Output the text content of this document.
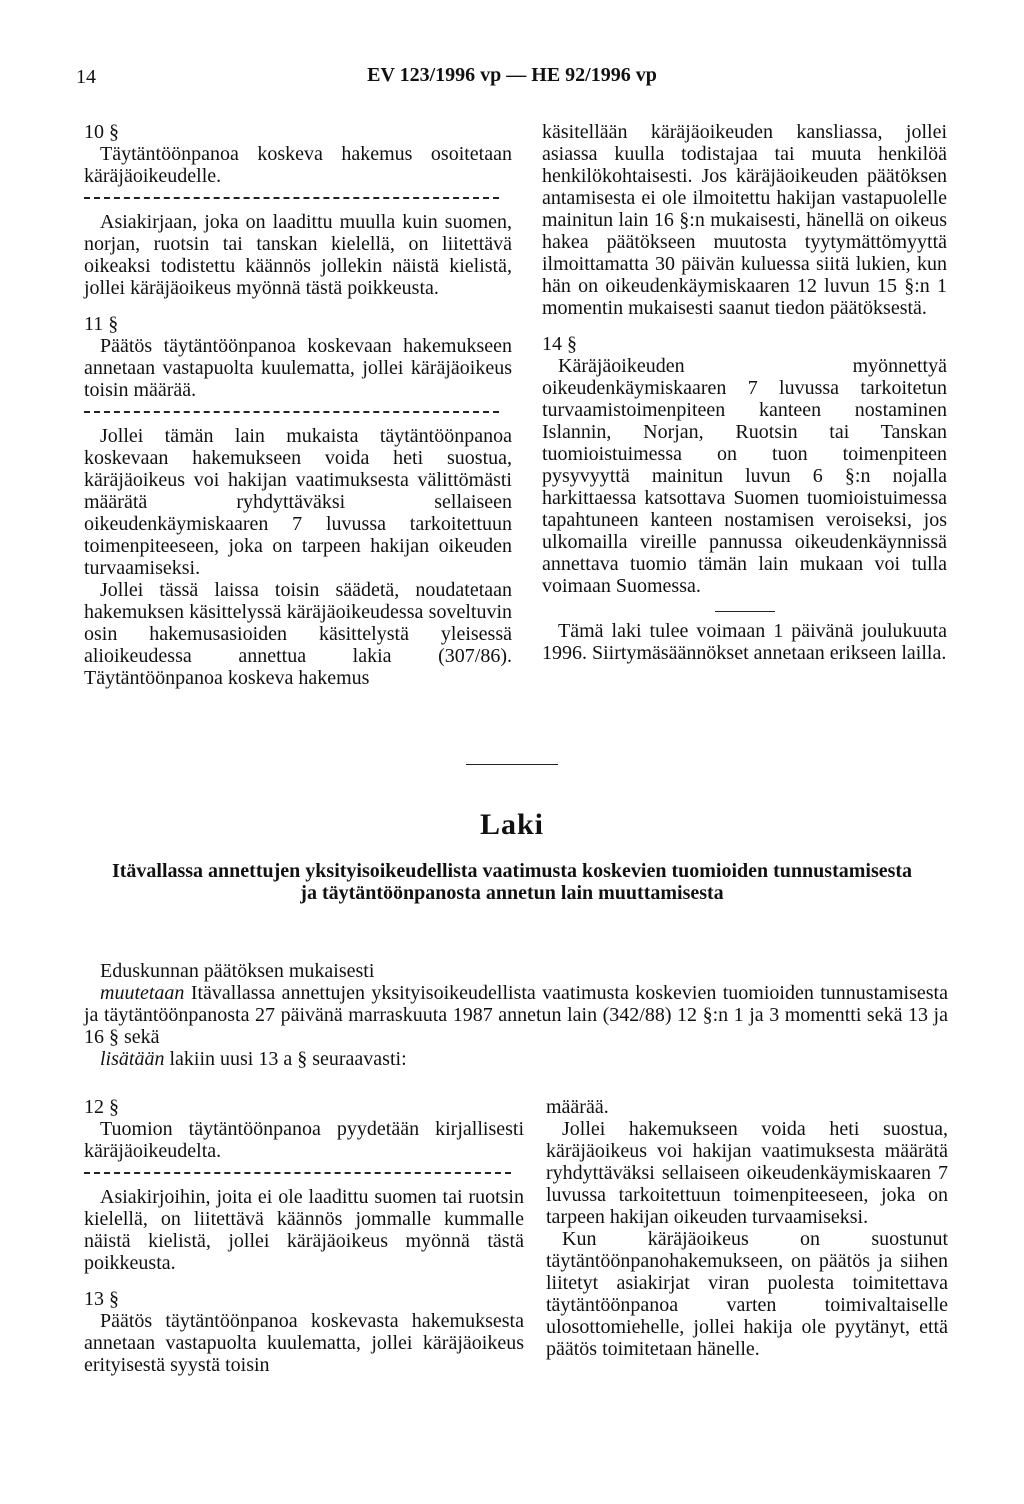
14	EV 123/1996 vp — HE 92/1996 vp

10 §

Täytäntöönpanoa koskeva hakemus osoitetaan käräjäoikeudelle.

Asiakirjaan, joka on laadittu muulla kuin suomen, norjan, ruotsin tai tanskan kielellä, on liitettävä oikeaksi todistettu käännös jollekin näistä kielistä, jollei käräjäoikeus myönnä tästä poikkeusta.

11 §

Päätös täytäntöönpanoa koskevaan hakemukseen annetaan vastapuolta kuulematta, jollei käräjäoikeus toisin määrää.

Jollei tämän lain mukaista täytäntöönpanoa koskevaan hakemukseen voida heti suostua, käräjäoikeus voi hakijan vaatimuksesta välittömästi määrätä ryhdyttäväksi sellaiseen oikeudenkäymiskaaren 7 luvussa tarkoitettuun toimenpiteeseen, joka on tarpeen hakijan oikeuden turvaamiseksi.

Jollei tässä laissa toisin säädetä, noudatetaan hakemuksen käsittelyssä käräjäoikeudessa soveltuvin osin hakemusasioiden käsittelystä yleisessä alioikeudessa annettua lakia (307/86). Täytäntöönpanoa koskeva hakemus

käsitellään käräjäoikeuden kansliassa, jollei asiassa kuulla todistajaa tai muuta henkilöä henkilökohtaisesti. Jos käräjäoikeuden päätöksen antamisesta ei ole ilmoitettu hakijan vastapuolelle mainitun lain 16 §:n mukaisesti, hänellä on oikeus hakea päätökseen muutosta tyytymättömyyttä ilmoittamatta 30 päivän kuluessa siitä lukien, kun hän on oikeudenkäymiskaaren 12 luvun 15 §:n 1 momentin mukaisesti saanut tiedon päätöksestä.

14 §

Käräjäoikeuden myönnettyä oikeudenkäymiskaaren 7 luvussa tarkoitetun turvaamistoimenpiteen kanteen nostaminen Islannin, Norjan, Ruotsin tai Tanskan tuomioistuimessa on tuon toimenpiteen pysyvyyttä mainitun luvun 6 §:n nojalla harkittaessa katsottava Suomen tuomioistuimessa tapahtuneen kanteen nostamisen veroiseksi, jos ulkomailla vireille pannussa oikeudenkäynnissä annettava tuomio tämän lain mukaan voi tulla voimaan Suomessa.

Tämä laki tulee voimaan 1 päivänä joulukuuta 1996. Siirtymäsäännökset annetaan erikseen lailla.

Laki
Itävallassa annettujen yksityisoikeudellista vaatimusta koskevien tuomioiden tunnustamisesta
ja täytäntöönpanosta annetun lain muuttamisesta

Eduskunnan päätöksen mukaisesti

muutetaan Itävallassa annettujen yksityisoikeudellista vaatimusta koskevien tuomioiden tunnustamisesta ja täytäntöönpanosta 27 päivänä marraskuuta 1987 annetun lain (342/88) 12 §:n 1 ja 3 momentti sekä 13 ja 16 § sekä

lisätään lakiin uusi 13 a § seuraavasti:

12 §

Tuomion täytäntöönpanoa pyydetään kirjallisesti käräjäoikeudelta.

Asiakirjoihin, joita ei ole laadittu suomen tai ruotsin kielellä, on liitettävä käännös jommalle kummalle näistä kielistä, jollei käräjäoikeus myönnä tästä poikkeusta.

13 §

Päätös täytäntöönpanoa koskevasta hakemuksesta annetaan vastapuolta kuulematta, jollei käräjäoikeus erityisestä syystä toisin

määrää.

Jollei hakemukseen voida heti suostua, käräjäoikeus voi hakijan vaatimuksesta määrätä ryhdyttäväksi sellaiseen oikeudenkäymiskaaren 7 luvussa tarkoitettuun toimenpiteeseen, joka on tarpeen hakijan oikeuden turvaamiseksi.

Kun käräjäoikeus on suostunut täytäntöönpanohakemukseen, on päätös ja siihen liitetyt asiakirjat viran puolesta toimitettava täytäntöönpanoa varten toimivaltaiselle ulosottomiehelle, jollei hakija ole pyytänyt, että päätös toimitetaan hänelle.
